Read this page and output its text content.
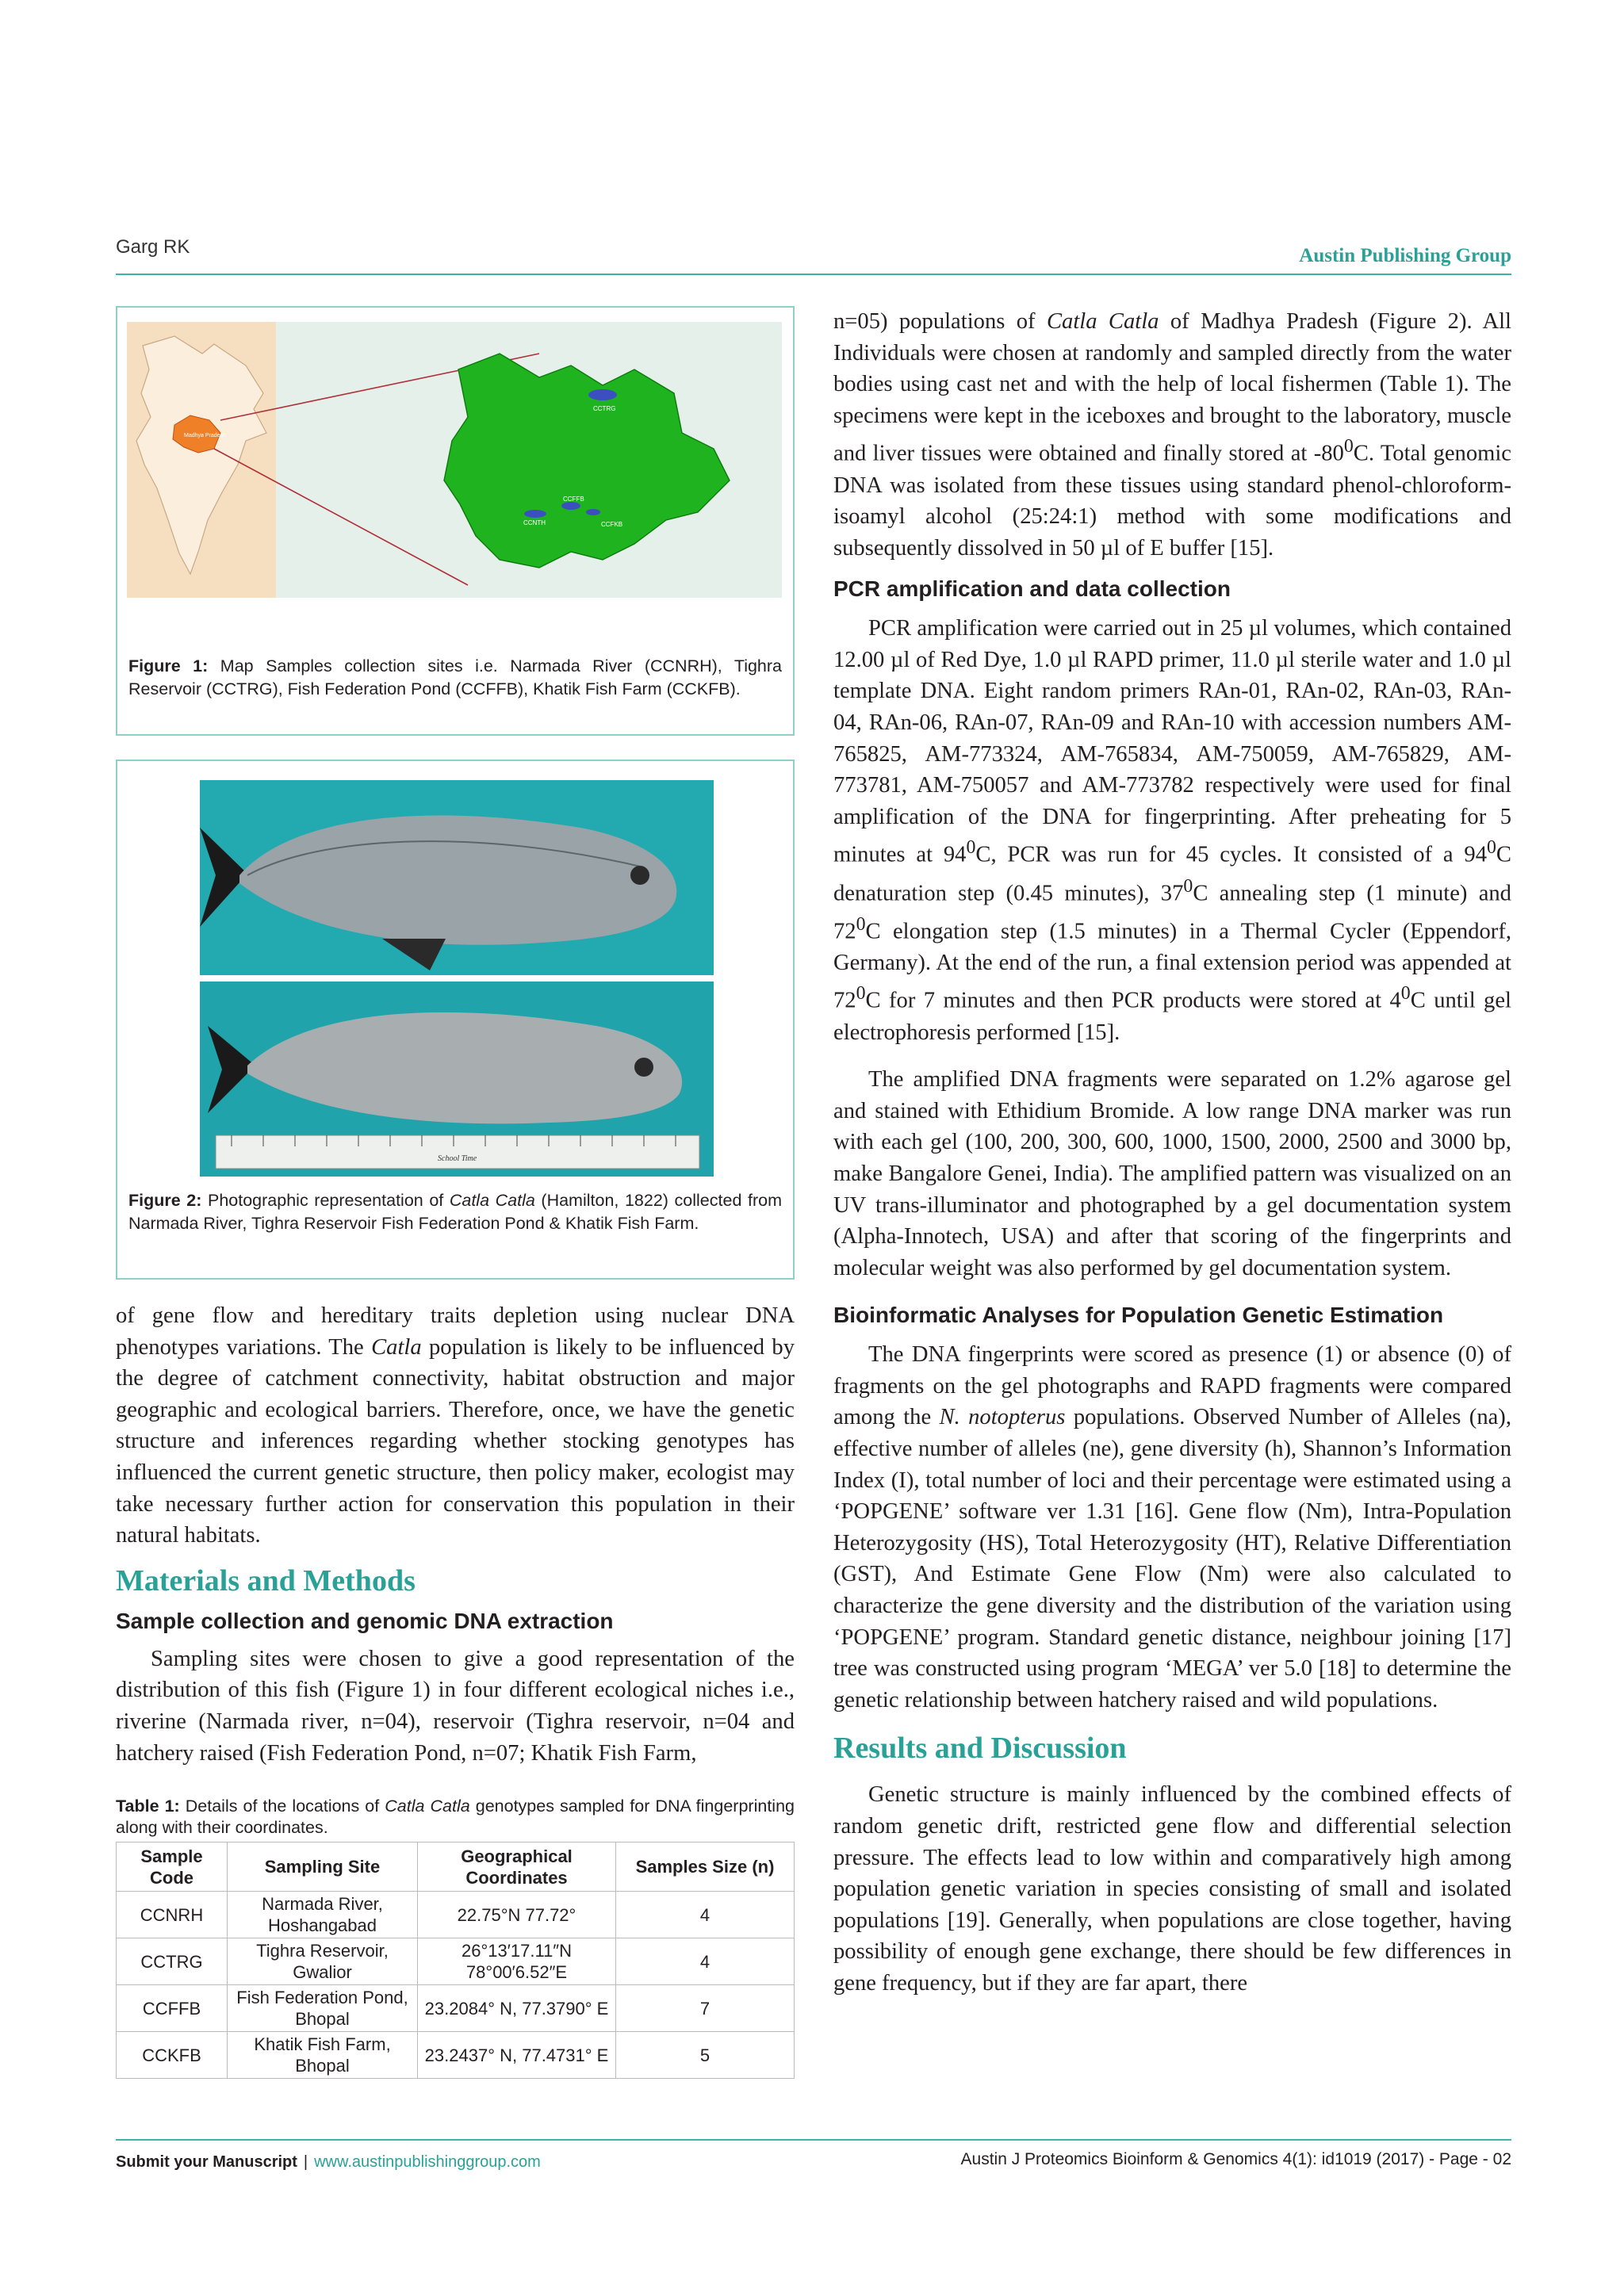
Garg RK	Austin Publishing Group
Madhya Pradesh
CCTRG
CCNTH
CCFFB
CCFKB
Figure 1: Map Samples collection sites i.e. Narmada River (CCNRH), Tighra Reservoir (CCTRG), Fish Federation Pond (CCFFB), Khatik Fish Farm (CCKFB).
School Time
Figure 2: Photographic representation of Catla Catla (Hamilton, 1822) collected from Narmada River, Tighra Reservoir Fish Federation Pond & Khatik Fish Farm.

of gene flow and hereditary traits depletion using nuclear DNA phenotypes variations. The Catla population is likely to be influenced by the degree of catchment connectivity, habitat obstruction and major geographic and ecological barriers. Therefore, once, we have the genetic structure and inferences regarding whether stocking genotypes has influenced the current genetic structure, then policy maker, ecologist may take necessary further action for conservation this population in their natural habitats.

Materials and Methods
Sample collection and genomic DNA extraction

Sampling sites were chosen to give a good representation of the distribution of this fish (Figure 1) in four different ecological niches i.e., riverine (Narmada river, n=04), reservoir (Tighra reservoir, n=04 and hatchery raised (Fish Federation Pond, n=07; Khatik Fish Farm,

Table 1: Details of the locations of Catla Catla genotypes sampled for DNA fingerprinting along with their coordinates.
Sample Code	Sampling Site	Geographical Coordinates	Samples Size (n)
CCNRH	Narmada River, Hoshangabad	22.75°N 77.72°	4
CCTRG	Tighra Reservoir, Gwalior	26°13′17.11″N 78°00′6.52″E	4
CCFFB	Fish Federation Pond, Bhopal	23.2084° N, 77.3790° E	7
CCKFB	Khatik Fish Farm, Bhopal	23.2437° N, 77.4731° E	5

n=05) populations of Catla Catla of Madhya Pradesh (Figure 2). All Individuals were chosen at randomly and sampled directly from the water bodies using cast net and with the help of local fishermen (Table 1). The specimens were kept in the iceboxes and brought to the laboratory, muscle and liver tissues were obtained and finally stored at $-80^0C$. Total genomic DNA was isolated from these tissues using standard phenol-chloroform-isoamyl alcohol (25:24:1) method with some modifications and subsequently dissolved in 50 µl of E buffer [15].

PCR amplification and data collection

PCR amplification were carried out in 25 µl volumes, which contained 12.00 µl of Red Dye, 1.0 µl RAPD primer, 11.0 µl sterile water and 1.0 µl template DNA. Eight random primers RAn-01, RAn-02, RAn-03, RAn-04, RAn-06, RAn-07, RAn-09 and RAn-10 with accession numbers AM-765825, AM-773324, AM-765834, AM-750059, AM-765829, AM-773781, AM-750057 and AM-773782 respectively were used for final amplification of the DNA for fingerprinting. After preheating for 5 minutes at $94^0C$, PCR was run for 45 cycles. It consisted of a $94^0C$ denaturation step (0.45 minutes), $37^0C$ annealing step (1 minute) and $72^0C$ elongation step (1.5 minutes) in a Thermal Cycler (Eppendorf, Germany). At the end of the run, a final extension period was appended at $72^0C$ for 7 minutes and then PCR products were stored at $4^0C$ until gel electrophoresis performed [15].

The amplified DNA fragments were separated on 1.2% agarose gel and stained with Ethidium Bromide. A low range DNA marker was run with each gel (100, 200, 300, 600, 1000, 1500, 2000, 2500 and 3000 bp, make Bangalore Genei, India). The amplified pattern was visualized on an UV trans-illuminator and photographed by a gel documentation system (Alpha-Innotech, USA) and after that scoring of the fingerprints and molecular weight was also performed by gel documentation system.

Bioinformatic Analyses for Population Genetic Estimation

The DNA fingerprints were scored as presence (1) or absence (0) of fragments on the gel photographs and RAPD fragments were compared among the N. notopterus populations. Observed Number of Alleles (na), effective number of alleles (ne), gene diversity (h), Shannon’s Information Index (I), total number of loci and their percentage were estimated using a ‘POPGENE’ software ver 1.31 [16]. Gene flow (Nm), Intra-Population Heterozygosity (HS), Total Heterozygosity (HT), Relative Differentiation (GST), And Estimate Gene Flow (Nm) were also calculated to characterize the gene diversity and the distribution of the variation using ‘POPGENE’ program. Standard genetic distance, neighbour joining [17] tree was constructed using program ‘MEGA’ ver 5.0 [18] to determine the genetic relationship between hatchery raised and wild populations.

Results and Discussion

Genetic structure is mainly influenced by the combined effects of random genetic drift, restricted gene flow and differential selection pressure. The effects lead to low within and comparatively high among population genetic variation in species consisting of small and isolated populations [19]. Generally, when populations are close together, having possibility of enough gene exchange, there should be few differences in gene frequency, but if they are far apart, there

Submit your Manuscript | www.austinpublishinggroup.com	Austin J Proteomics Bioinform & Genomics 4(1): id1019 (2017) - Page - 02
